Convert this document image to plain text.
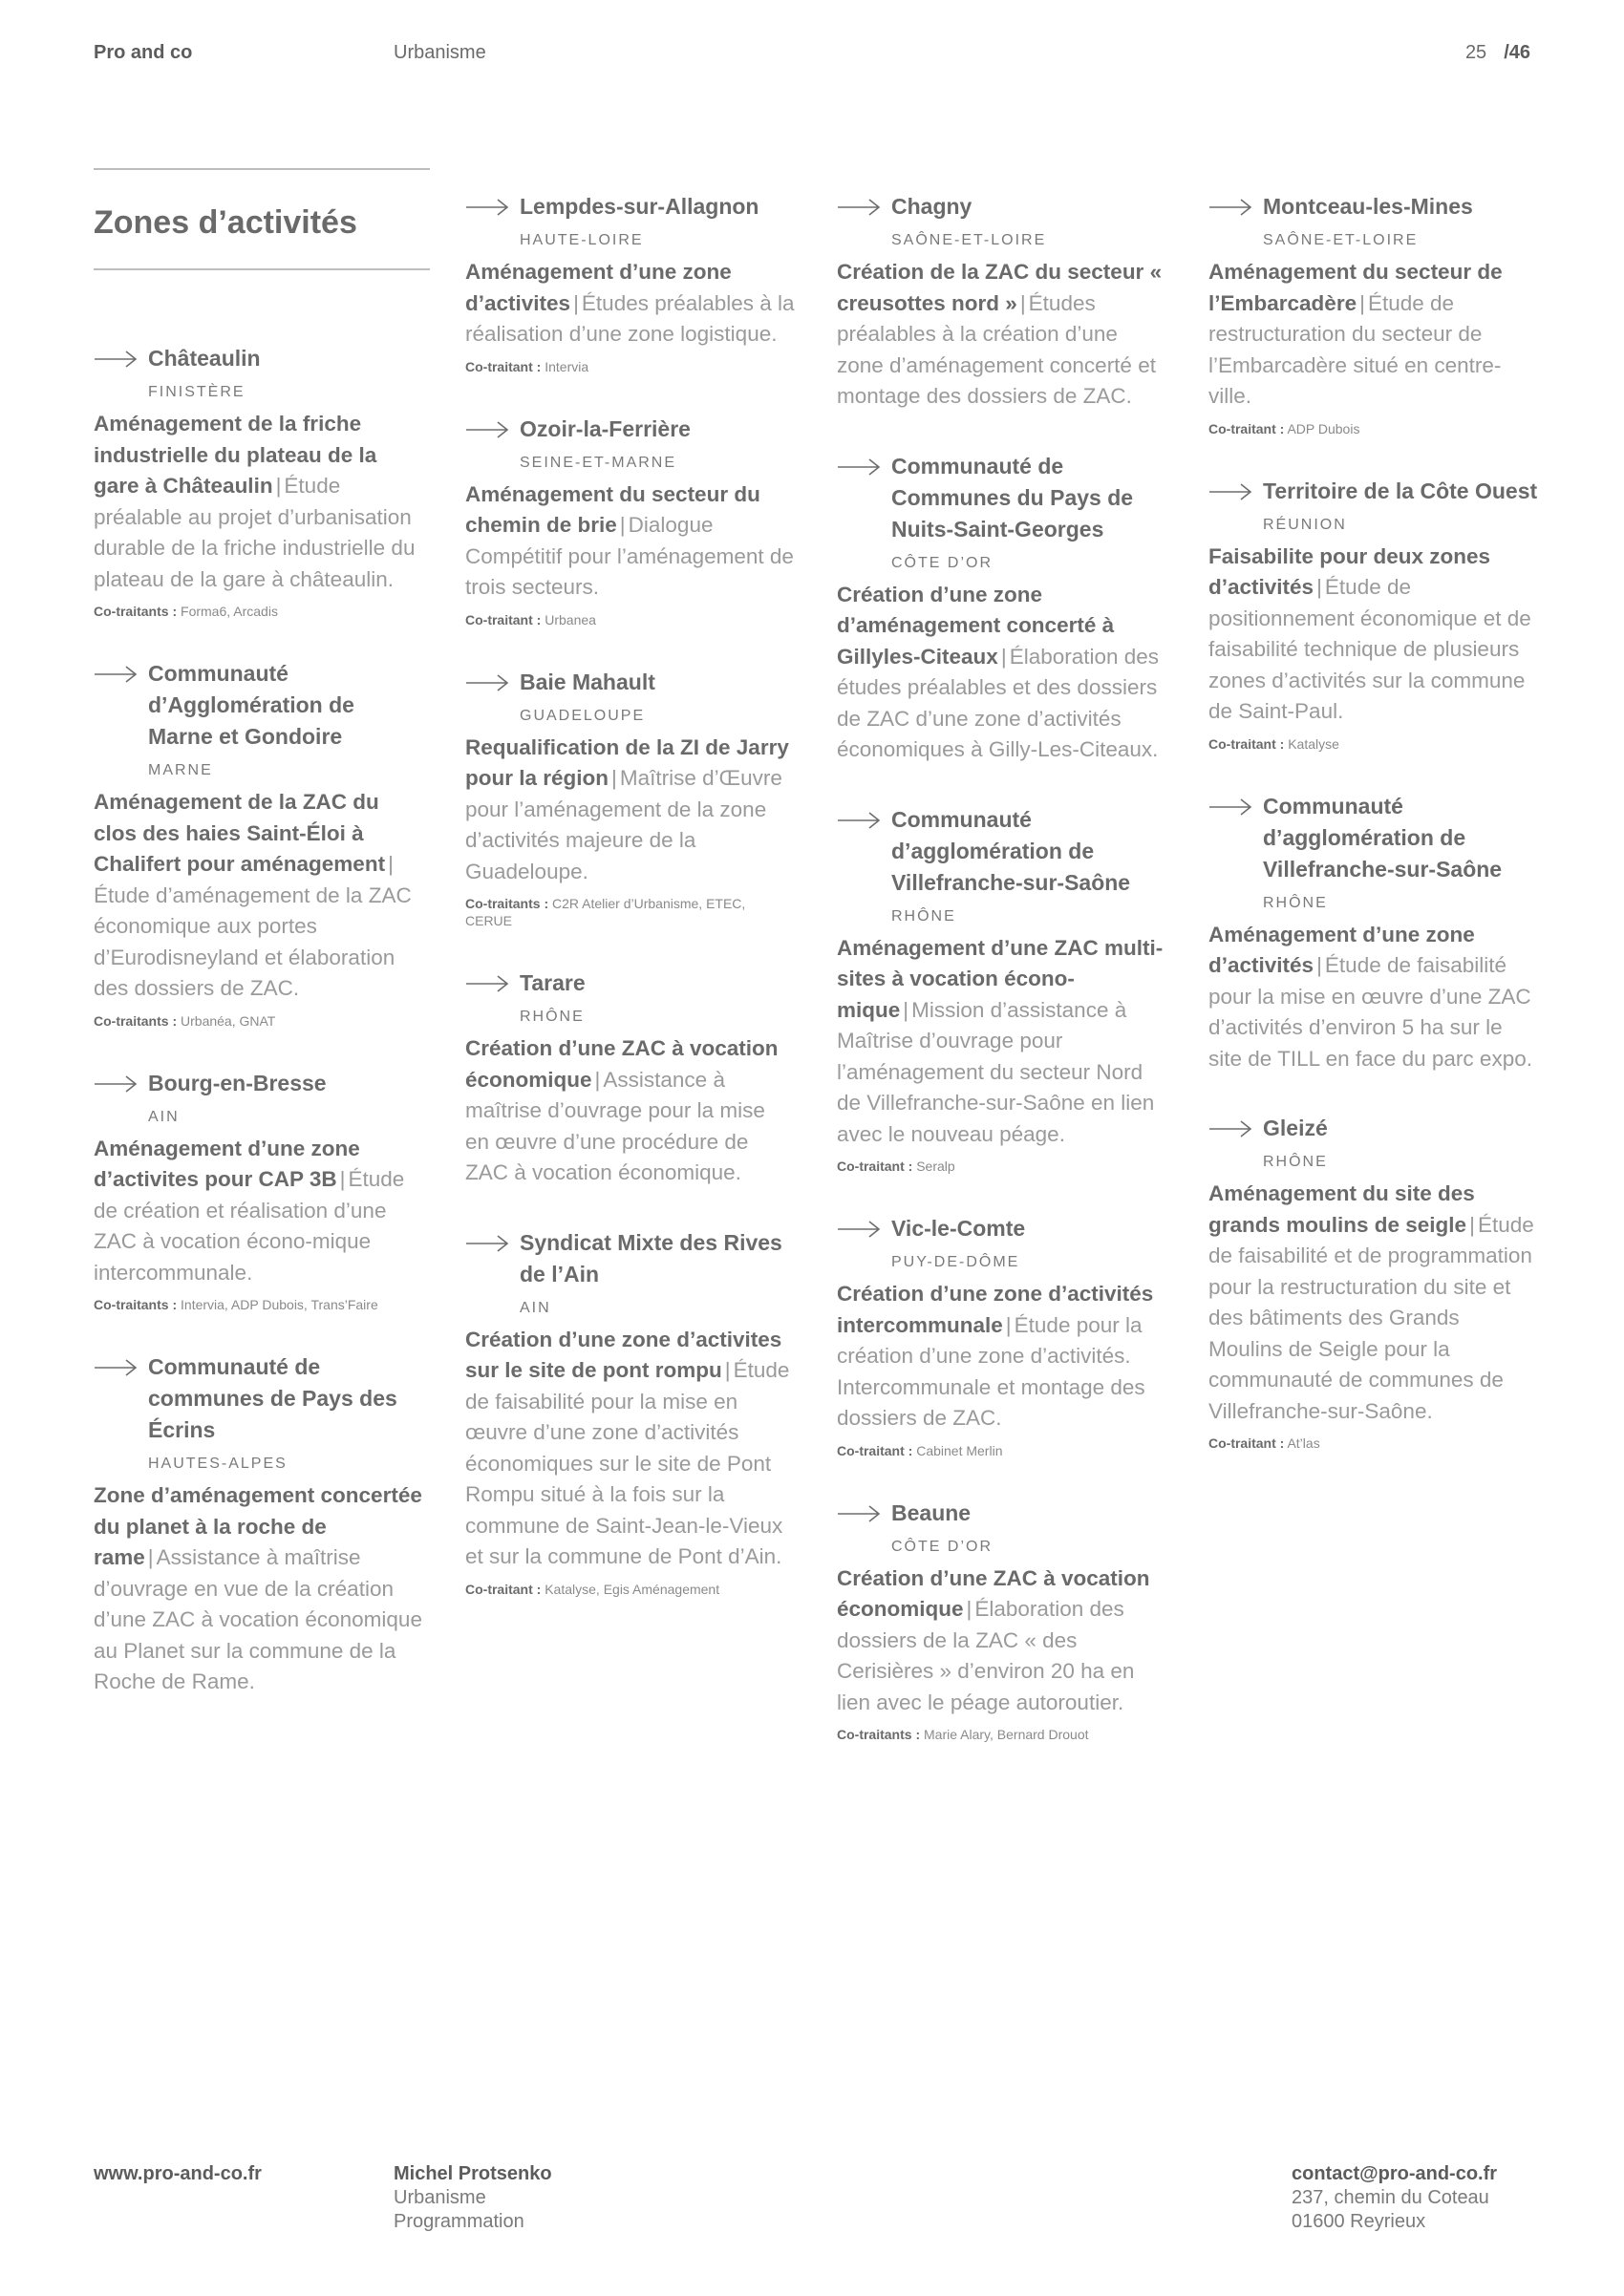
Pro and co	Urbanisme	25 /46
Zones d’activités
Châteaulin
FINISTÈRE
Aménagement de la friche industrielle du plateau de la gare à Châteaulin | Étude préalable au projet d’urbanisation durable de la friche industrielle du plateau de la gare à châteaulin.
Co-traitants : Forma6, Arcadis
Communauté d’Agglomération de Marne et Gondoire
MARNE
Aménagement de la ZAC du clos des haies Saint-Éloi à Chalifert pour aménagement |Étude d’aménagement de la ZAC économique aux portes d’Eurodisneyland et élaboration des dossiers de ZAC.
Co-traitants : Urbanéa, GNAT
Bourg-en-Bresse
AIN
Aménagement d’une zone d’activites pour CAP 3B | Étude de création et réalisation d’une ZAC à vocation écono-mique intercommunale.
Co-traitants : Intervia, ADP Dubois, Trans’Faire
Communauté de communes de Pays des Écrins
HAUTES-ALPES
Zone d’aménagement concertée du planet à la roche de rame | Assistance à maîtrise d’ouvrage en vue de la création d’une ZAC à vocation économique au Planet sur la commune de la Roche de Rame.
Lempdes-sur-Allagnon
HAUTE-LOIRE
Aménagement d’une zone d’activites | Études préalables à la réalisation d’une zone logistique.
Co-traitant : Intervia
Ozoir-la-Ferrière
SEINE-ET-MARNE
Aménagement du secteur du chemin de brie | Dialogue Compétitif pour l’aménagement de trois secteurs.
Co-traitant : Urbanea
Baie Mahault
GUADELOUPE
Requalification de la ZI de Jarry pour la région | Maîtrise d’Œuvre pour l’aménagement de la zone d’activités majeure de la Guadeloupe.
Co-traitants : C2R Atelier d’Urbanisme, ETEC, CERUE
Tarare
RHÔNE
Création d’une ZAC à vocation économique | Assistance à maîtrise d’ouvrage pour la mise en œuvre d’une procédure de ZAC à vocation économique.
Syndicat Mixte des Rives de l’Ain
AIN
Création d’une zone d’activites sur le site de pont rompu | Étude de faisabilité pour la mise en œuvre d’une zone d’activités économiques sur le site de Pont Rompu situé à la fois sur la commune de Saint-Jean-le-Vieux et sur la commune de Pont d’Ain.
Co-traitant : Katalyse, Egis Aménagement
Chagny
SAÔNE-ET-LOIRE
Création de la ZAC du secteur « creusottes nord » | Études préalables à la création d’une zone d’aménagement concerté et montage des dossiers de ZAC.
Communauté de Communes du Pays de Nuits-Saint-Georges
CÔTE D’OR
Création d’une zone d’aménagement concerté à Gillyles-Citeaux | Élaboration des études préalables et des dossiers de ZAC d’une zone d’activités économiques à Gilly-Les-Citeaux.
Communauté d’agglomération de Villefranche-sur-Saône
RHÔNE
Aménagement d’une ZAC multi-sites à vocation écono-mique | Mission d’assistance à Maîtrise d’ouvrage pour l’aménagement du secteur Nord de Villefranche-sur-Saône en lien avec le nouveau péage.
Co-traitant : Seralp
Vic-le-Comte
PUY-DE-DÔME
Création d’une zone d’activités intercommunale | Étude pour la création d’une zone d’activités. Intercommunale et montage des dossiers de ZAC.
Co-traitant : Cabinet Merlin
Beaune
CÔTE D’OR
Création d’une ZAC à vocation économique | Élaboration des dossiers de la ZAC « des Cerisières » d’environ 20 ha en lien avec le péage autoroutier.
Co-traitants : Marie Alary, Bernard Drouot
Montceau-les-Mines
SAÔNE-ET-LOIRE
Aménagement du secteur de l’Embarcadère | Étude de restructuration du secteur de l’Embarcadère situé en centre-ville.
Co-traitant : ADP Dubois
Territoire de la Côte Ouest
RÉUNION
Faisabilite pour deux zones d’activités | Étude de positionnement économique et de faisabilité technique de plusieurs zones d’activités sur la commune de Saint-Paul.
Co-traitant : Katalyse
Communauté d’agglomération de Villefranche-sur-Saône
RHÔNE
Aménagement d’une zone d’activités | Étude de faisabilité pour la mise en œuvre d’une ZAC d’activités d’environ 5 ha sur le site de TILL en face du parc expo.
Gleizé
RHÔNE
Aménagement du site des grands moulins de seigle | Étude de faisabilité et de programmation pour la restructuration du site et des bâtiments des Grands Moulins de Seigle pour la communauté de communes de Villefranche-sur-Saône.
Co-traitant : At’las
www.pro-and-co.fr	Michel Protsenko
Urbanisme
Programmation
contact@pro-and-co.fr
237, chemin du Coteau
01600 Reyrieux
